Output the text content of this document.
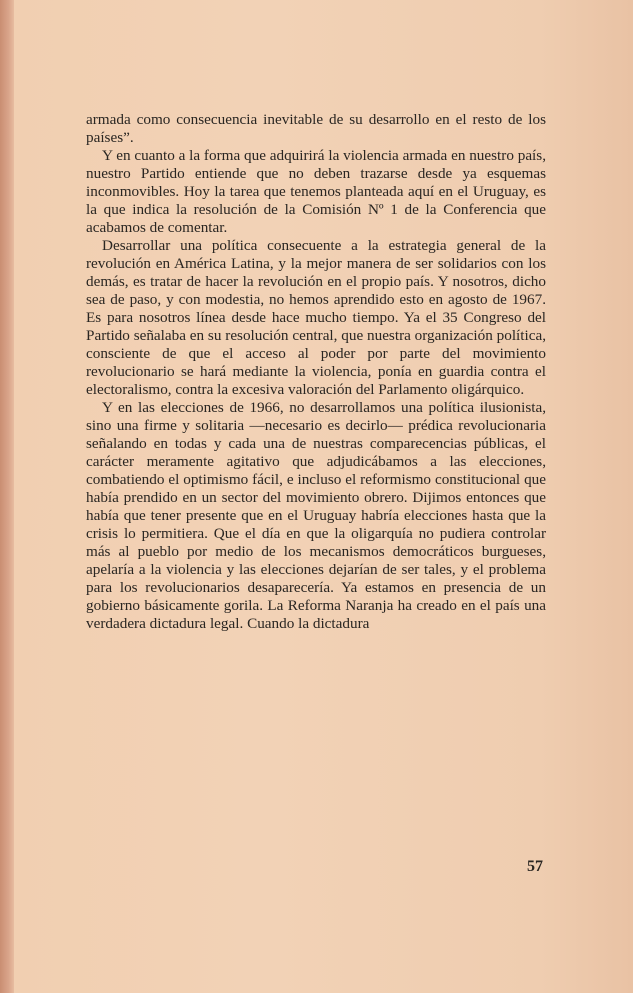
armada como consecuencia inevitable de su desarrollo en el resto de los países”.

Y en cuanto a la forma que adquirirá la violencia armada en nuestro país, nuestro Partido entiende que no deben trazarse desde ya esquemas inconmovibles. Hoy la tarea que tenemos planteada aquí en el Uruguay, es la que indica la resolución de la Comisión Nº 1 de la Conferencia que acabamos de comentar.

Desarrollar una política consecuente a la estrategia general de la revolución en América Latina, y la mejor manera de ser solidarios con los demás, es tratar de hacer la revolución en el propio país. Y nosotros, dicho sea de paso, y con modestia, no hemos aprendido esto en agosto de 1967. Es para nosotros línea desde hace mucho tiempo. Ya el 35 Congreso del Partido señalaba en su resolución central, que nuestra organización política, consciente de que el acceso al poder por parte del movimiento revolucionario se hará mediante la violencia, ponía en guardia contra el electoralismo, contra la excesiva valoración del Parlamento oligárquico.

Y en las elecciones de 1966, no desarrollamos una política ilusionista, sino una firme y solitaria —necesario es decirlo— prédica revolucionaria señalando en todas y cada una de nuestras comparecencias públicas, el carácter meramente agitativo que adjudicábamos a las elecciones, combatiendo el optimismo fácil, e incluso el reformismo constitucional que había prendido en un sector del movimiento obrero. Dijimos entonces que había que tener presente que en el Uruguay habría elecciones hasta que la crisis lo permitiera. Que el día en que la oligarquía no pudiera controlar más al pueblo por medio de los mecanismos democráticos burgueses, apelaría a la violencia y las elecciones dejarían de ser tales, y el problema para los revolucionarios desaparecería. Ya estamos en presencia de un gobierno básicamente gorila. La Reforma Naranja ha creado en el país una verdadera dictadura legal. Cuando la dictadura

57
